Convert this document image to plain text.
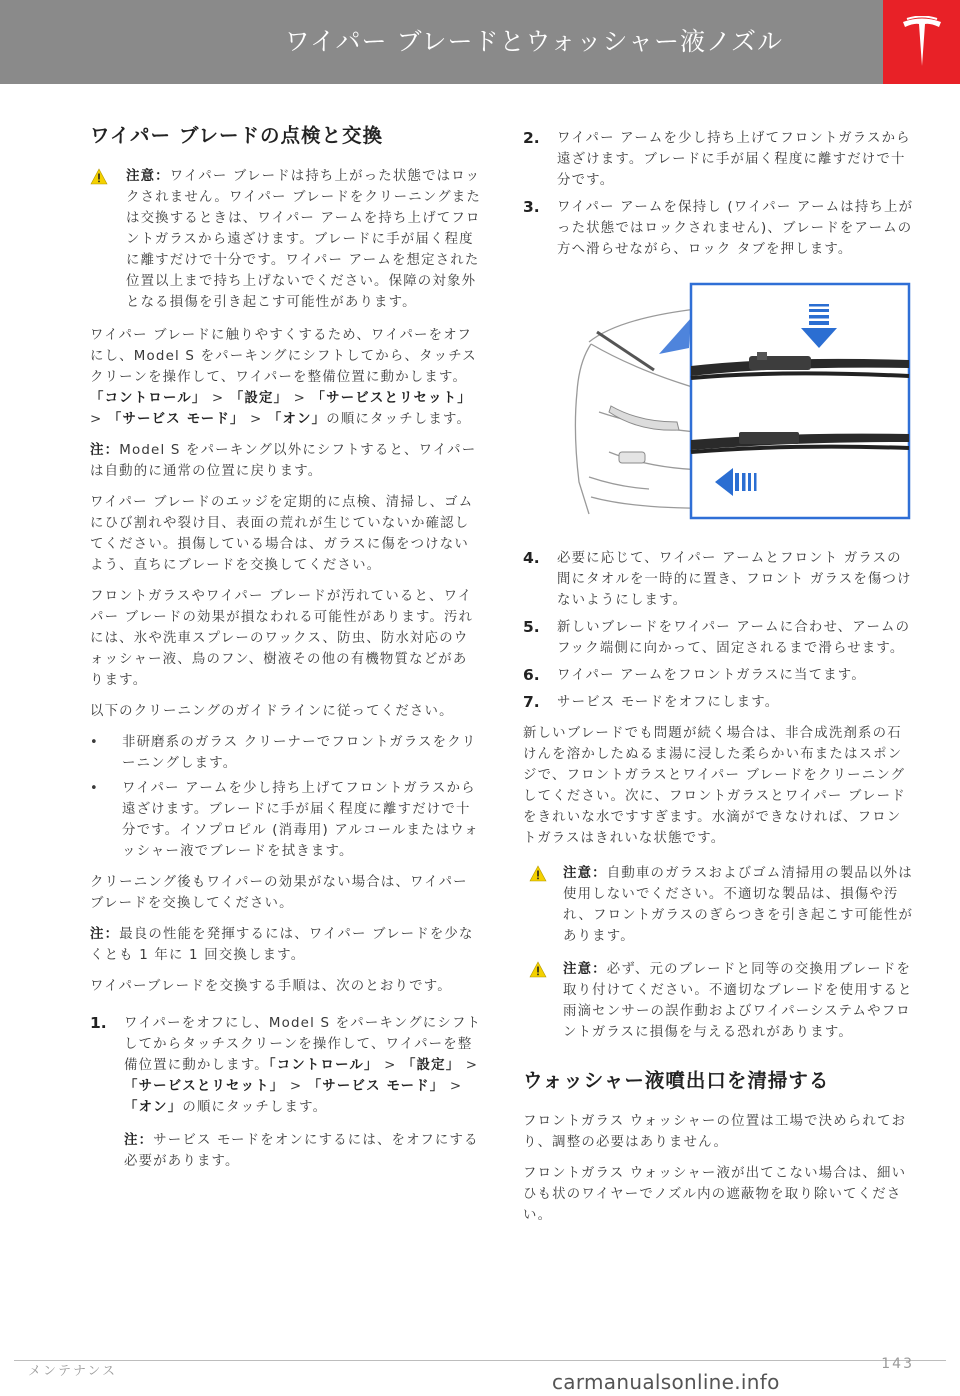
ワイパー ブレードとウォッシャー液ノズル
ワイパー ブレードの点検と交換

注意：ワイパー ブレードは持ち上がった状態ではロックされません。ワイパー ブレードをクリーニングまたは交換するときは、ワイパー アームを持ち上げてフロントガラスから遠ざけます。ブレードに手が届く程度に離すだけで十分です。ワイパー アームを想定された位置以上まで持ち上げないでください。保障の対象外となる損傷を引き起こす可能性があります。

ワイパー ブレードに触りやすくするため、ワイパーをオフにし、Model S をパーキングにシフトしてから、タッチスクリーンを操作して、ワイパーを整備位置に動かします。「コントロール」 > 「設定」 > 「サービスとリセット」 > 「サービス モード」 > 「オン」の順にタッチします。

注：Model S をパーキング以外にシフトすると、ワイパーは自動的に通常の位置に戻ります。

ワイパー ブレードのエッジを定期的に点検、清掃し、ゴムにひび割れや裂け目、表面の荒れが生じていないか確認してください。損傷している場合は、ガラスに傷をつけないよう、直ちにブレードを交換してください。

フロントガラスやワイパー ブレードが汚れていると、ワイパー ブレードの効果が損なわれる可能性があります。汚れには、氷や洗車スプレーのワックス、防虫、防水対応のウォッシャー液、鳥のフン、樹液その他の有機物質などがあります。

以下のクリーニングのガイドラインに従ってください。

• 非研磨系のガラス クリーナーでフロントガラスをクリーニングします。

• ワイパー アームを少し持ち上げてフロントガラスから遠ざけます。ブレードに手が届く程度に離すだけで十分です。イソプロピル (消毒用) アルコールまたはウォッシャー液でブレードを拭きます。

クリーニング後もワイパーの効果がない場合は、ワイパー ブレードを交換してください。

注：最良の性能を発揮するには、ワイパー ブレードを少なくとも 1 年に 1 回交換します。

ワイパーブレードを交換する手順は、次のとおりです。

1. ワイパーをオフにし、Model S をパーキングにシフトしてからタッチスクリーンを操作して、ワイパーを整備位置に動かします。「コントロール」 > 「設定」 > 「サービスとリセット」 > 「サービス モード」 > 「オン」の順にタッチします。

注：サービス モードをオンにするには、をオフにする必要があります。

2. ワイパー アームを少し持ち上げてフロントガラスから遠ざけます。ブレードに手が届く程度に離すだけで十分です。

3. ワイパー アームを保持し (ワイパー アームは持ち上がった状態ではロックされません)、ブレードをアームの方へ滑らせながら、ロック タブを押します。

4. 必要に応じて、ワイパー アームとフロント ガラスの間にタオルを一時的に置き、フロント ガラスを傷つけないようにします。

5. 新しいブレードをワイパー アームに合わせ、アームのフック端側に向かって、固定されるまで滑らせます。

6. ワイパー アームをフロントガラスに当てます。

7. サービス モードをオフにします。

新しいブレードでも問題が続く場合は、非合成洗剤系の石けんを溶かしたぬるま湯に浸した柔らかい布またはスポンジで、フロントガラスとワイパー ブレードをクリーニングしてください。次に、フロントガラスとワイパー ブレードをきれいな水ですすぎます。水滴ができなければ、フロントガラスはきれいな状態です。

注意：自動車のガラスおよびゴム清掃用の製品以外は使用しないでください。不適切な製品は、損傷や汚れ、フロントガラスのぎらつきを引き起こす可能性があります。

注意：必ず、元のブレードと同等の交換用ブレードを取り付けてください。不適切なブレードを使用すると雨滴センサーの誤作動およびワイパーシステムやフロントガラスに損傷を与える恐れがあります。

ウォッシャー液噴出口を清掃する

フロントガラス ウォッシャーの位置は工場で決められており、調整の必要はありません。

フロントガラス ウォッシャー液が出てこない場合は、細いひも状のワイヤーでノズル内の遮蔽物を取り除いてください。

メンテナンス	143
carmanualsonline.info
